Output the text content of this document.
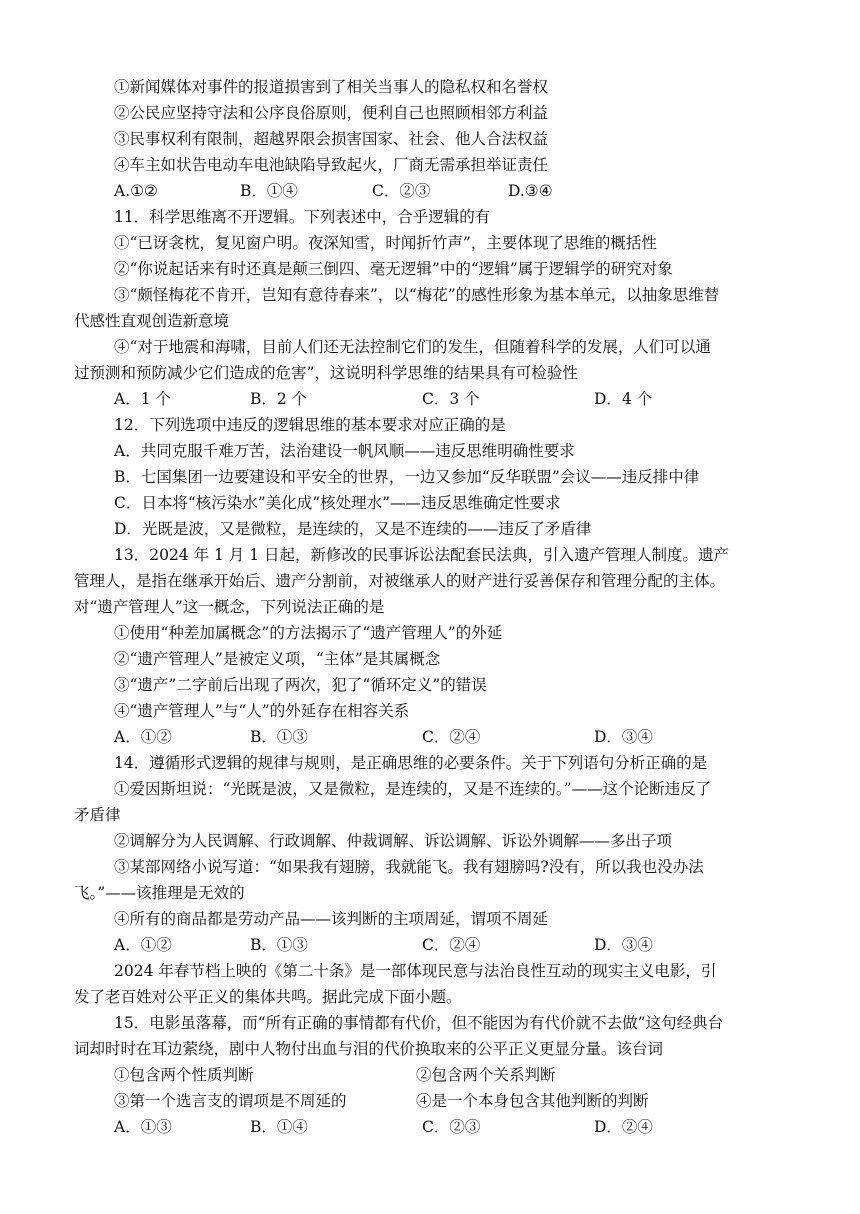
①新闻媒体对事件的报道损害到了相关当事人的隐私权和名誉权
②公民应坚持守法和公序良俗原则，便利自己也照顾相邻方利益
③民事权利有限制，超越界限会损害国家、社会、他人合法权益
④车主如状告电动车电池缺陷导致起火，厂商无需承担举证责任
A.①②	B．①④	C．②③	D.③④
11．科学思维离不开逻辑。下列表述中，合乎逻辑的有
①“已讶衾枕，复见窗户明。夜深知雪，时闻折竹声”，主要体现了思维的概括性
②“你说起话来有时还真是颠三倒四、毫无逻辑”中的“逻辑”属于逻辑学的研究对象
③“颇怪梅花不肯开，岂知有意待春来”，以“梅花”的感性形象为基本单元，以抽象思维替
代感性直观创造新意境
④“对于地震和海啸，目前人们还无法控制它们的发生，但随着科学的发展，人们可以通
过预测和预防减少它们造成的危害”，这说明科学思维的结果具有可检验性
A．1 个	B．2 个	C．3 个	D．4 个
12．下列选项中违反的逻辑思维的基本要求对应正确的是
A．共同克服千难万苦，法治建设一帆风顺——违反思维明确性要求
B．七国集团一边要建设和平安全的世界，一边又参加“反华联盟”会议——违反排中律
C．日本将“核污染水”美化成“核处理水”——违反思维确定性要求
D．光既是波，又是微粒，是连续的，又是不连续的——违反了矛盾律
13．2024 年 1 月 1 日起，新修改的民事诉讼法配套民法典，引入遗产管理人制度。遗产
管理人，是指在继承开始后、遗产分割前，对被继承人的财产进行妥善保存和管理分配的主体。
对“遗产管理人”这一概念，下列说法正确的是
①使用“种差加属概念”的方法揭示了“遗产管理人”的外延
②“遗产管理人”是被定义项，“主体”是其属概念
③“遗产”二字前后出现了两次，犯了“循环定义”的错误
④“遗产管理人”与“人”的外延存在相容关系
A．①②	B．①③	C．②④	D．③④
14．遵循形式逻辑的规律与规则，是正确思维的必要条件。关于下列语句分析正确的是
①爱因斯坦说：“光既是波，又是微粒，是连续的，又是不连续的。”——这个论断违反了
矛盾律
②调解分为人民调解、行政调解、仲裁调解、诉讼调解、诉讼外调解——多出子项
③某部网络小说写道：“如果我有翅膀，我就能飞。我有翅膀吗?没有，所以我也没办法
飞。”——该推理是无效的
④所有的商品都是劳动产品——该判断的主项周延，谓项不周延
A．①②	B．①③	C．②④	D．③④
2024 年春节档上映的《第二十条》是一部体现民意与法治良性互动的现实主义电影，引
发了老百姓对公平正义的集体共鸣。据此完成下面小题。
15．电影虽落幕，而“所有正确的事情都有代价，但不能因为有代价就不去做”这句经典台
词却时时在耳边萦绕，剧中人物付出血与泪的代价换取来的公平正义更显分量。该台词
①包含两个性质判断	②包含两个关系判断
③第一个选言支的谓项是不周延的	④是一个本身包含其他判断的判断
A．①③	B．①④	C．②③	D．②④
